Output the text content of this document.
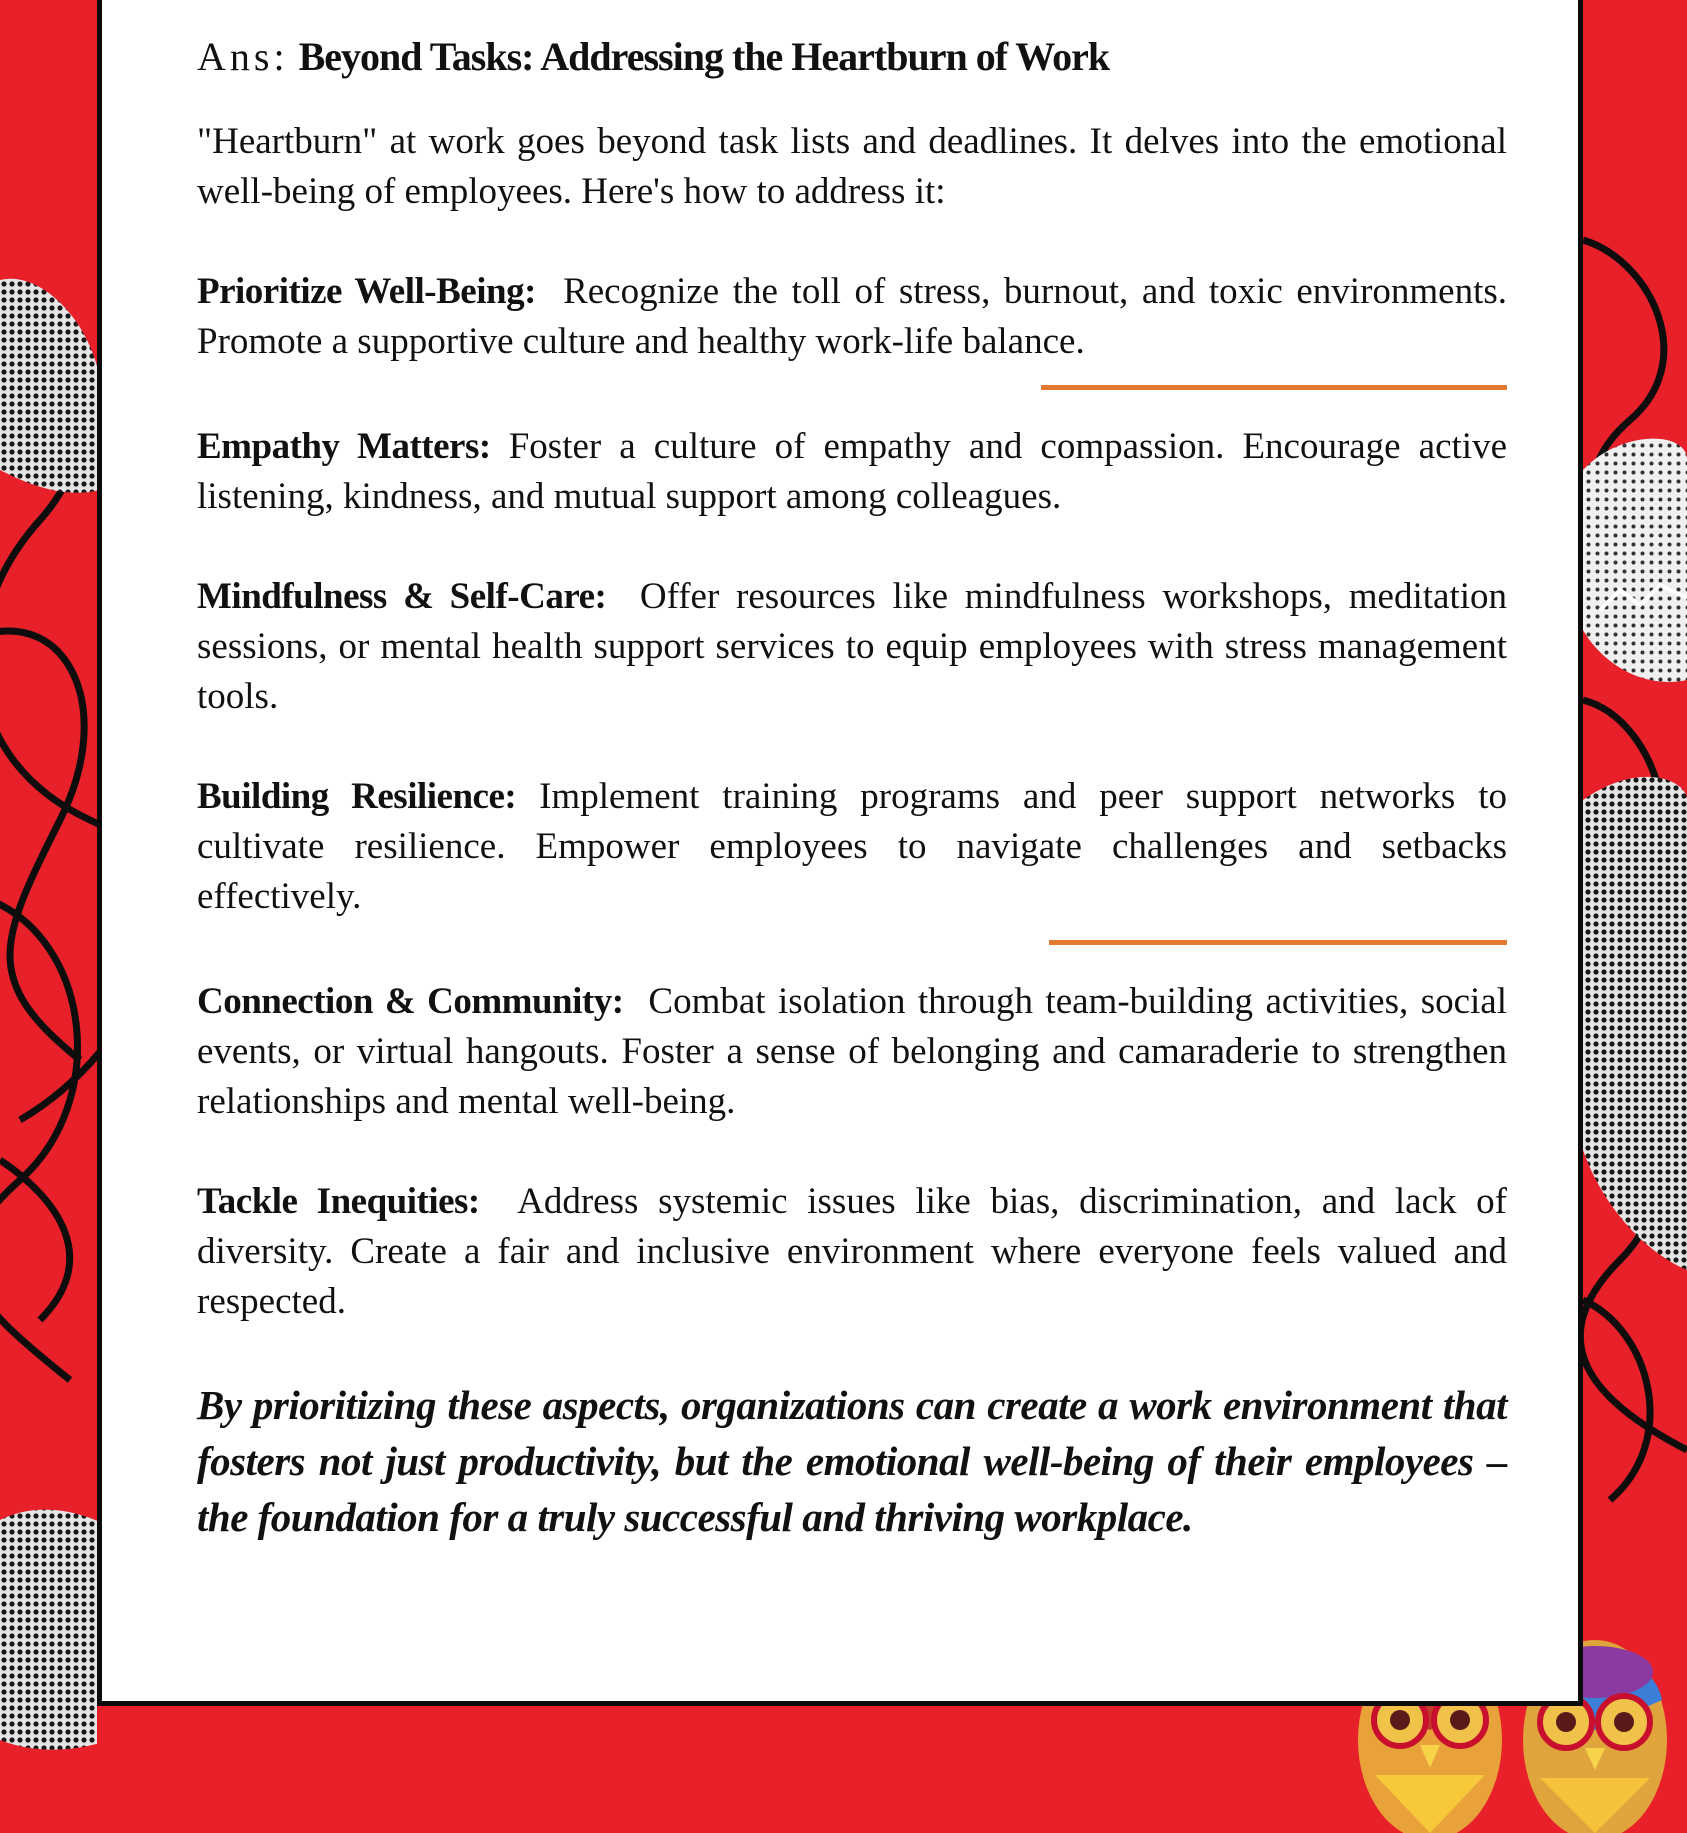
Ans: Beyond Tasks: Addressing the Heartburn of Work

"Heartburn" at work goes beyond task lists and deadlines. It delves into the emotional well-being of employees. Here's how to address it:

Prioritize Well-Being: Recognize the toll of stress, burnout, and toxic environments. Promote a supportive culture and healthy work-life balance.

Empathy Matters: Foster a culture of empathy and compassion. Encourage active listening, kindness, and mutual support among colleagues.

Mindfulness & Self-Care: Offer resources like mindfulness workshops, meditation sessions, or mental health support services to equip employees with stress management tools.

Building Resilience: Implement training programs and peer support networks to cultivate resilience. Empower employees to navigate challenges and setbacks effectively.

Connection & Community: Combat isolation through team-building activities, social events, or virtual hangouts. Foster a sense of belonging and camaraderie to strengthen relationships and mental well-being.

Tackle Inequities: Address systemic issues like bias, discrimination, and lack of diversity. Create a fair and inclusive environment where everyone feels valued and respected.

By prioritizing these aspects, organizations can create a work environment that fosters not just productivity, but the emotional well-being of their employees – the foundation for a truly successful and thriving workplace.
